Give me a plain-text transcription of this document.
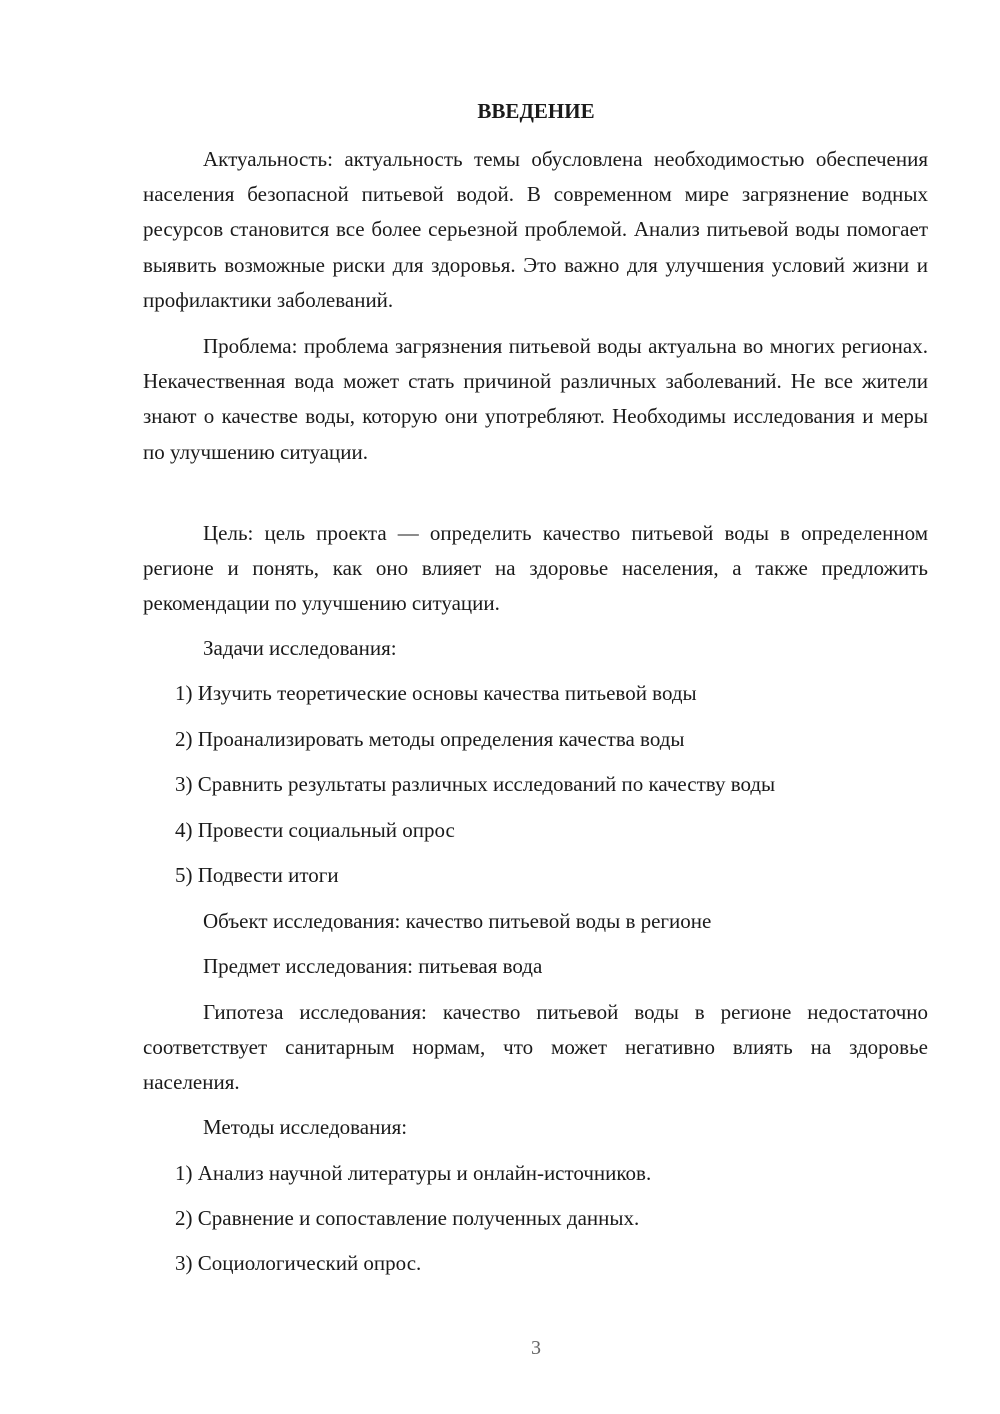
ВВЕДЕНИЕ

Актуальность: актуальность темы обусловлена необходимостью обеспечения населения безопасной питьевой водой. В современном мире загрязнение водных ресурсов становится все более серьезной проблемой. Анализ питьевой воды помогает выявить возможные риски для здоровья. Это важно для улучшения условий жизни и профилактики заболеваний.

Проблема: проблема загрязнения питьевой воды актуальна во многих регионах. Некачественная вода может стать причиной различных заболеваний. Не все жители знают о качестве воды, которую они употребляют. Необходимы исследования и меры по улучшению ситуации.

Цель: цель проекта — определить качество питьевой воды в определенном регионе и понять, как оно влияет на здоровье населения, а также предложить рекомендации по улучшению ситуации.

Задачи исследования:

1) Изучить теоретические основы качества питьевой воды

2) Проанализировать методы определения качества воды

3) Сравнить результаты различных исследований по качеству воды

4) Провести социальный опрос

5) Подвести итоги

Объект исследования: качество питьевой воды в регионе

Предмет исследования: питьевая вода

Гипотеза исследования: качество питьевой воды в регионе недостаточно соответствует санитарным нормам, что может негативно влиять на здоровье населения.

Методы исследования:

1) Анализ научной литературы и онлайн-источников.

2) Сравнение и сопоставление полученных данных.

3) Социологический опрос.

3
